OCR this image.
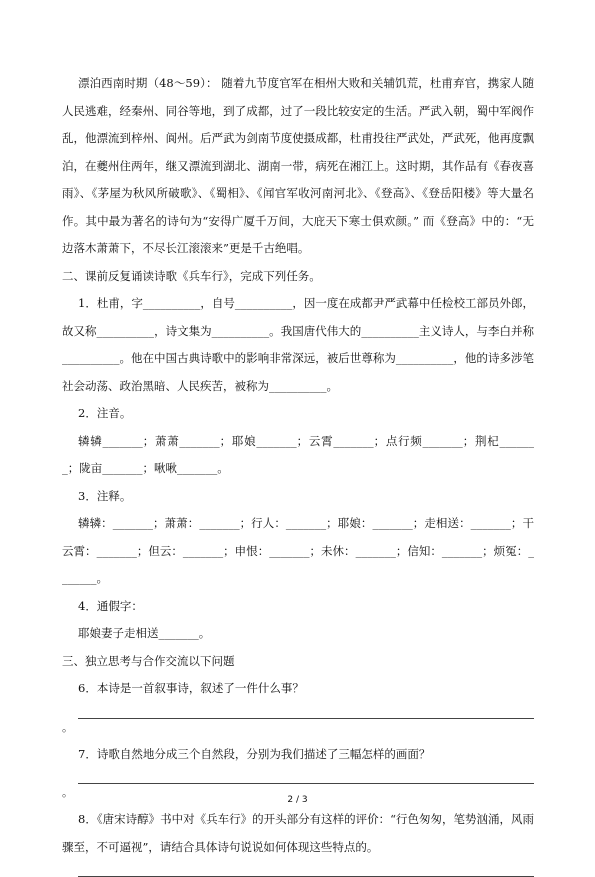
漂泊西南时期（48～59）： 随着九节度官军在相州大败和关辅饥荒，杜甫弃官，携家人随人民逃难，经秦州、同谷等地，到了成都，过了一段比较安定的生活。严武入朝，蜀中军阀作乱，他漂流到梓州、阆州。后严武为剑南节度使摄成都，杜甫投往严武处，严武死，他再度飘泊，在夔州住两年，继又漂流到湖北、湖南一带，病死在湘江上。这时期，其作品有《春夜喜雨》、《茅屋为秋风所破歌》、《蜀相》、《闻官军收河南河北》、《登高》、《登岳阳楼》等大量名作。其中最为著名的诗句为“安得广厦千万间，大庇天下寒士俱欢颜。” 而《登高》中的：“无边落木萧萧下，不尽长江滚滚来”更是千古绝唱。

二、课前反复诵读诗歌《兵车行》，完成下列任务。

1．杜甫，字__________，自号__________，因一度在成都尹严武幕中任检校工部员外郎，故又称__________，诗文集为__________。我国唐代伟大的__________主义诗人，与李白并称__________。他在中国古典诗歌中的影响非常深远，被后世尊称为__________，他的诗多涉笔社会动荡、政治黑暗、人民疾苦，被称为__________。

2．注音。

辚辚_______；萧萧_______；耶娘_______；云霄_______；点行频_______；荆杞_______；陇亩_______；啾啾_______。

3．注释。

辚辚：_______；萧萧：_______；行人：_______；耶娘：_______；走相送：_______；干云霄：_______；但云：_______；申恨：_______；未休：_______；信知：_______；烦冤：_______。

4．通假字：

耶娘妻子走相送_______。

三、独立思考与合作交流以下问题

6．本诗是一首叙事诗，叙述了一件什么事？

。

7．诗歌自然地分成三个自然段，分别为我们描述了三幅怎样的画面？

。

8．《唐宋诗醇》书中对《兵车行》的开头部分有这样的评价：“行色匆匆，笔势汹涌，风雨骤至，不可逼视”，请结合具体诗句说说如何体现这些特点的。

2 / 3
